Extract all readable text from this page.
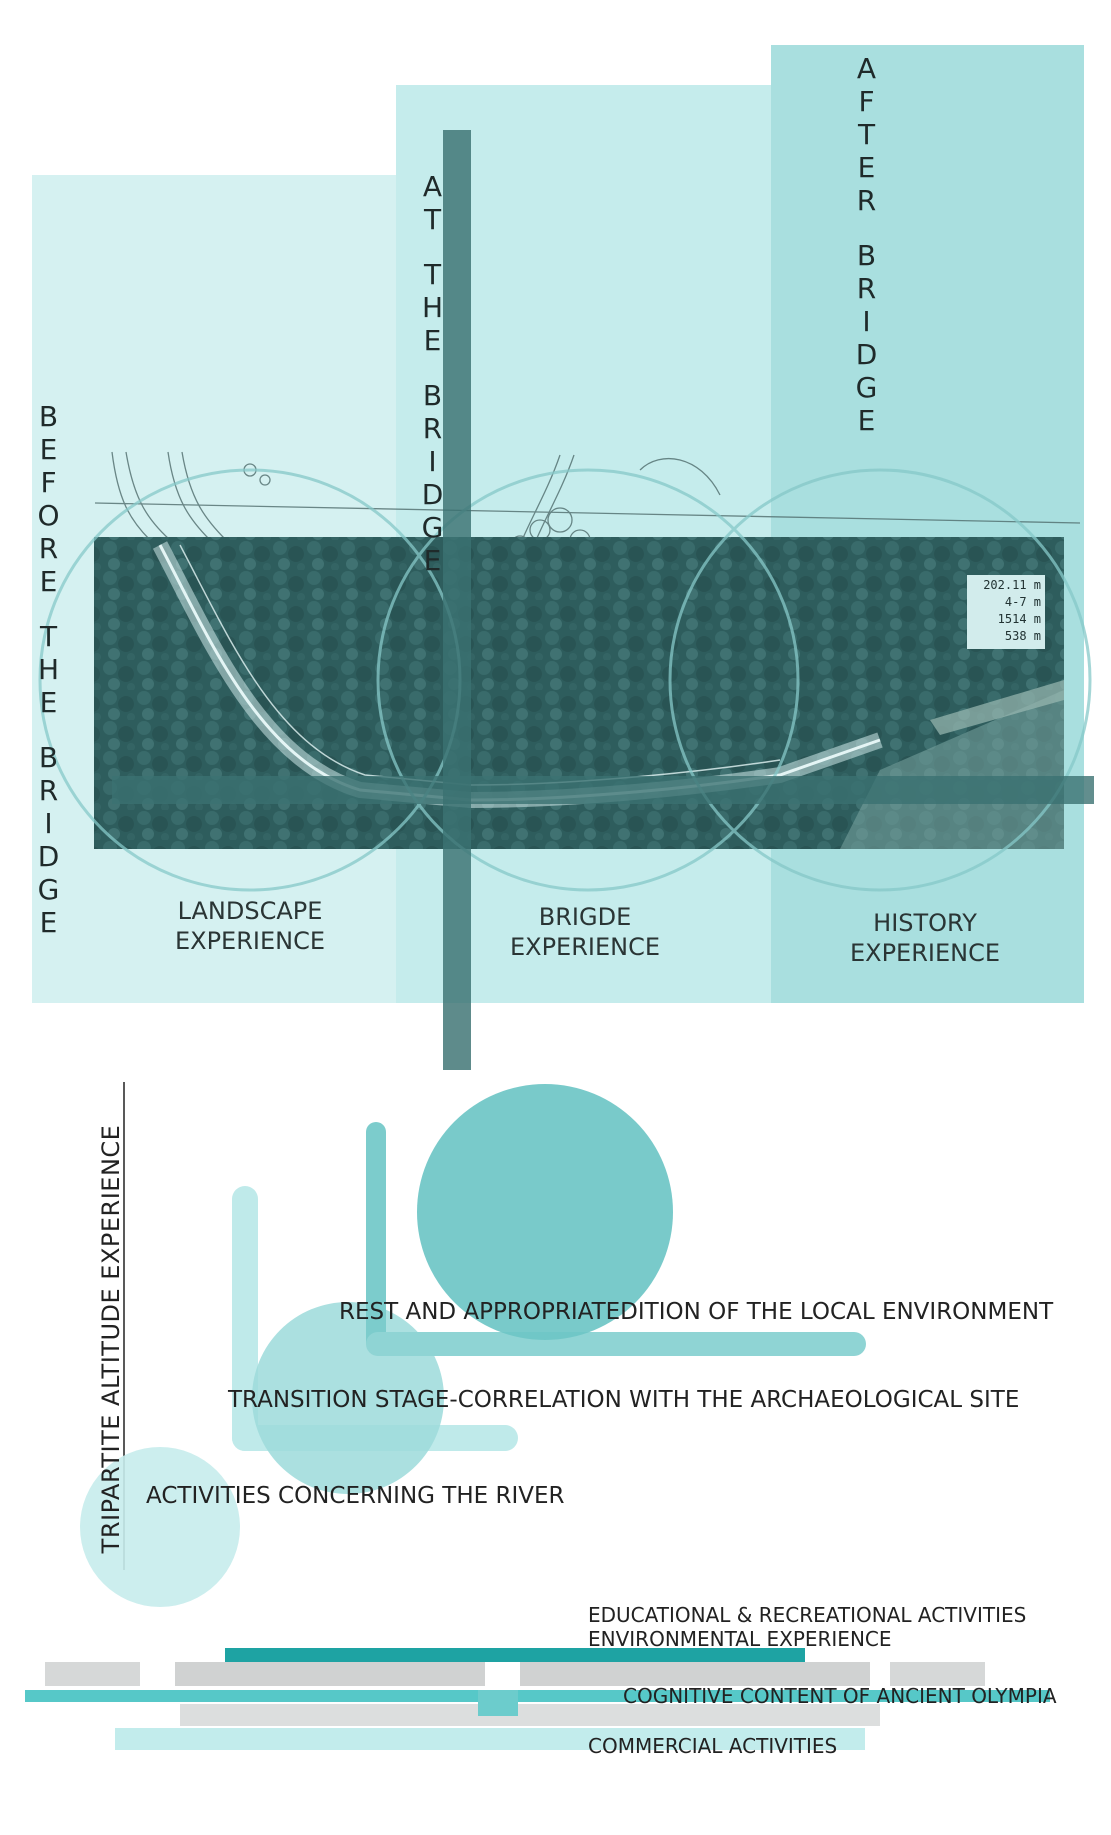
202.11 m
4-7 m
1514 m
538 m
B
E
F
O
R
E
T
H
E
B
R
I
D
G
E
A
T
T
H
E
B
R
I
D
G
E
A
F
T
E
R
B
R
I
D
G
E
LANDSCAPE
EXPERIENCE
BRIGDE
EXPERIENCE
HISTORY
EXPERIENCE
TRIPARTITE ALTITUDE EXPERIENCE	REST AND APPROPRIATEDITION OF THE LOCAL ENVIRONMENT
TRANSITION STAGE-CORRELATION WITH THE ARCHAEOLOGICAL SITE
ACTIVITIES CONCERNING THE RIVER
EDUCATIONAL & RECREATIONAL ACTIVITIES
ENVIRONMENTAL EXPERIENCE
COGNITIVE CONTENT OF ANCIENT OLYMPIA
COMMERCIAL ACTIVITIES
